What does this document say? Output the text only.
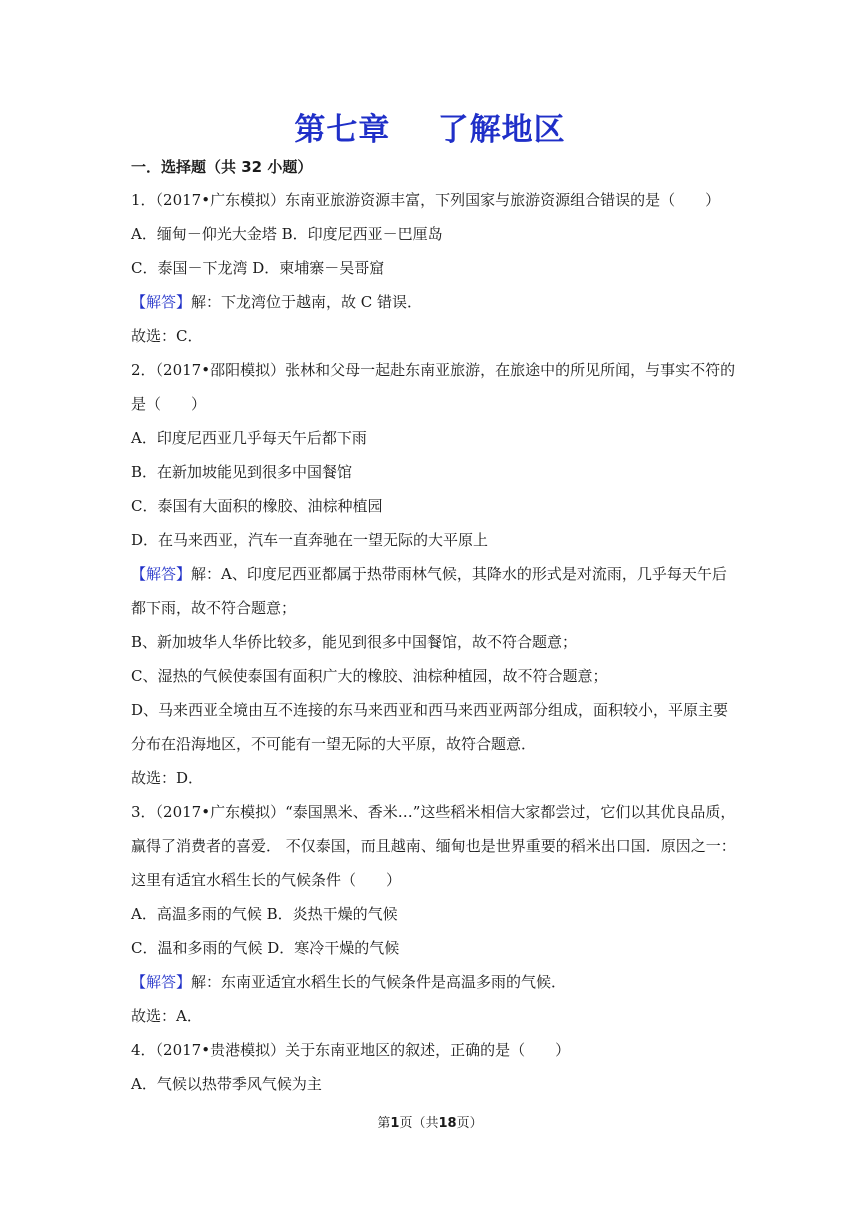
第七章    了解地区
一．选择题（共 32 小题）
1．（2017•广东模拟）东南亚旅游资源丰富，下列国家与旅游资源组合错误的是（　　）
A．缅甸－仰光大金塔 B．印度尼西亚－巴厘岛
C．泰国－下龙湾 D．柬埔寨－吴哥窟
【解答】解：下龙湾位于越南，故 C 错误．
故选：C．
2．（2017•邵阳模拟）张林和父母一起赴东南亚旅游，在旅途中的所见所闻，与事实不符的
是（　　）
A．印度尼西亚几乎每天午后都下雨
B．在新加坡能见到很多中国餐馆
C．泰国有大面积的橡胶、油棕种植园
D．在马来西亚，汽车一直奔驰在一望无际的大平原上
【解答】解：A、印度尼西亚都属于热带雨林气候，其降水的形式是对流雨，几乎每天午后
都下雨，故不符合题意；
B、新加坡华人华侨比较多，能见到很多中国餐馆，故不符合题意；
C、湿热的气候使泰国有面积广大的橡胶、油棕种植园，故不符合题意；
D、马来西亚全境由互不连接的东马来西亚和西马来西亚两部分组成，面积较小，平原主要
分布在沿海地区，不可能有一望无际的大平原，故符合题意．
故选：D．
3．（2017•广东模拟）“泰国黑米、香米…”这些稻米相信大家都尝过，它们以其优良品质，
赢得了消费者的喜爱． 不仅泰国，而且越南、缅甸也是世界重要的稻米出口国．原因之一：
这里有适宜水稻生长的气候条件（　　）
A．高温多雨的气候 B．炎热干燥的气候
C．温和多雨的气候 D．寒冷干燥的气候
【解答】解：东南亚适宜水稻生长的气候条件是高温多雨的气候．
故选：A．
4．（2017•贵港模拟）关于东南亚地区的叙述，正确的是（　　）
A．气候以热带季风气候为主
第1页（共18页）
